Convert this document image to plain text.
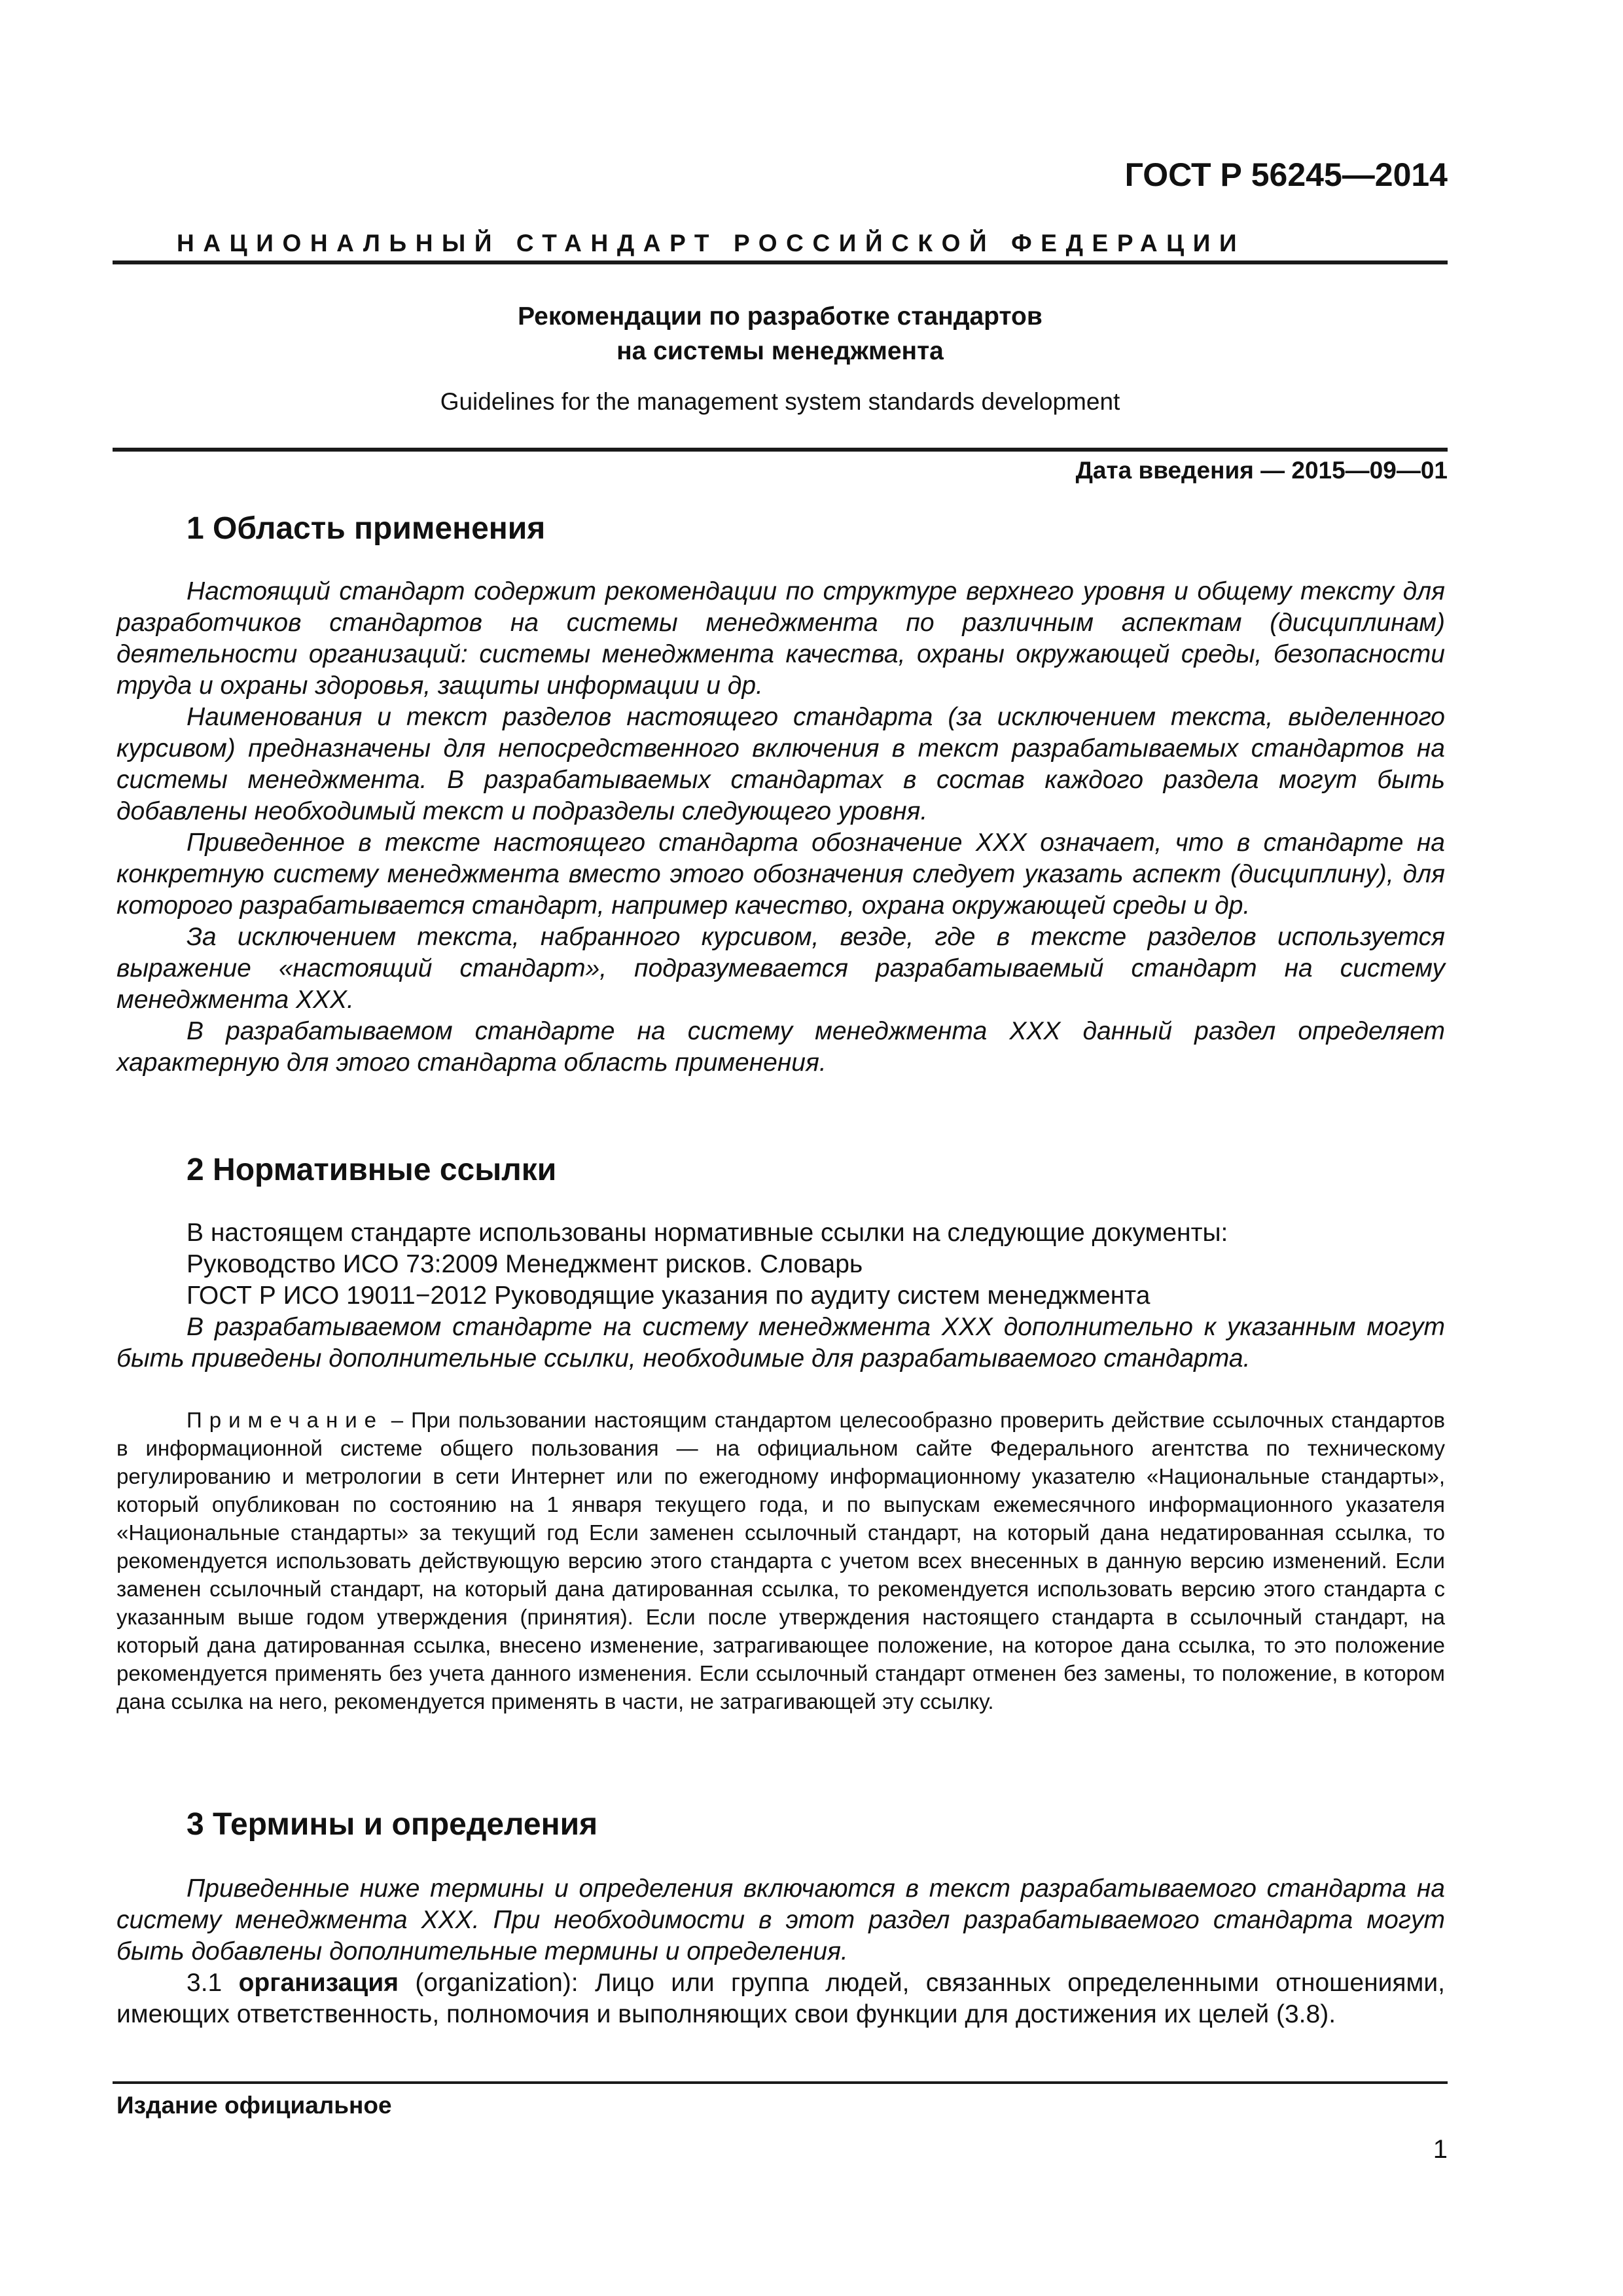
ГОСТ Р 56245—2014
НАЦИОНАЛЬНЫЙ СТАНДАРТ РОССИЙСКОЙ ФЕДЕРАЦИИ
Рекомендации по разработке стандартов
на системы менеджмента
Guidelines for the management system standards development
Дата введения — 2015—09—01
1 Область применения

Настоящий стандарт содержит рекомендации по структуре верхнего уровня и общему тексту для разработчиков стандартов на системы менеджмента по различным аспектам (дисциплинам) деятельности организаций: системы менеджмента качества, охраны окружающей среды, безопасности труда и охраны здоровья, защиты информации и др.

Наименования и текст разделов настоящего стандарта (за исключением текста, выделенного курсивом) предназначены для непосредственного включения в текст разрабатываемых стандартов на системы менеджмента. В разрабатываемых стандартах в состав каждого раздела могут быть добавлены необходимый текст и подразделы следующего уровня.

Приведенное в тексте настоящего стандарта обозначение XXX означает, что в стандарте на конкретную систему менеджмента вместо этого обозначения следует указать аспект (дисциплину), для которого разрабатывается стандарт, например качество, охрана окружающей среды и др.

За исключением текста, набранного курсивом, везде, где в тексте разделов используется выражение «настоящий стандарт», подразумевается разрабатываемый стандарт на систему менеджмента XXX.

В разрабатываемом стандарте на систему менеджмента XXX данный раздел определяет характерную для этого стандарта область применения.

2 Нормативные ссылки

В настоящем стандарте использованы нормативные ссылки на следующие документы:

Руководство ИСО 73:2009 Менеджмент рисков. Словарь

ГОСТ Р ИСО 19011−2012 Руководящие указания по аудиту систем менеджмента

В разрабатываемом стандарте на систему менеджмента XXX дополнительно к указанным могут быть приведены дополнительные ссылки, необходимые для разрабатываемого стандарта.

Примечание – При пользовании настоящим стандартом целесообразно проверить действие ссылочных стандартов в информационной системе общего пользования — на официальном сайте Федерального агентства по техническому регулированию и метрологии в сети Интернет или по ежегодному информационному указателю «Национальные стандарты», который опубликован по состоянию на 1 января текущего года, и по выпускам ежемесячного информационного указателя «Национальные стандарты» за текущий год Если заменен ссылочный стандарт, на который дана недатированная ссылка, то рекомендуется использовать действующую версию этого стандарта с учетом всех внесенных в данную версию изменений. Если заменен ссылочный стандарт, на который дана датированная ссылка, то рекомендуется использовать версию этого стандарта с указанным выше годом утверждения (принятия). Если после утверждения настоящего стандарта в ссылочный стандарт, на который дана датированная ссылка, внесено изменение, затрагивающее положение, на которое дана ссылка, то это положение рекомендуется применять без учета данного изменения. Если ссылочный стандарт отменен без замены, то положение, в котором дана ссылка на него, рекомендуется применять в части, не затрагивающей эту ссылку.

3 Термины и определения

Приведенные ниже термины и определения включаются в текст разрабатываемого стандарта на систему менеджмента XXX. При необходимости в этот раздел разрабатываемого стандарта могут быть добавлены дополнительные термины и определения.

3.1 организация (organization): Лицо или группа людей, связанных определенными отношениями, имеющих ответственность, полномочия и выполняющих свои функции для достижения их целей (3.8).

Издание официальное
1
